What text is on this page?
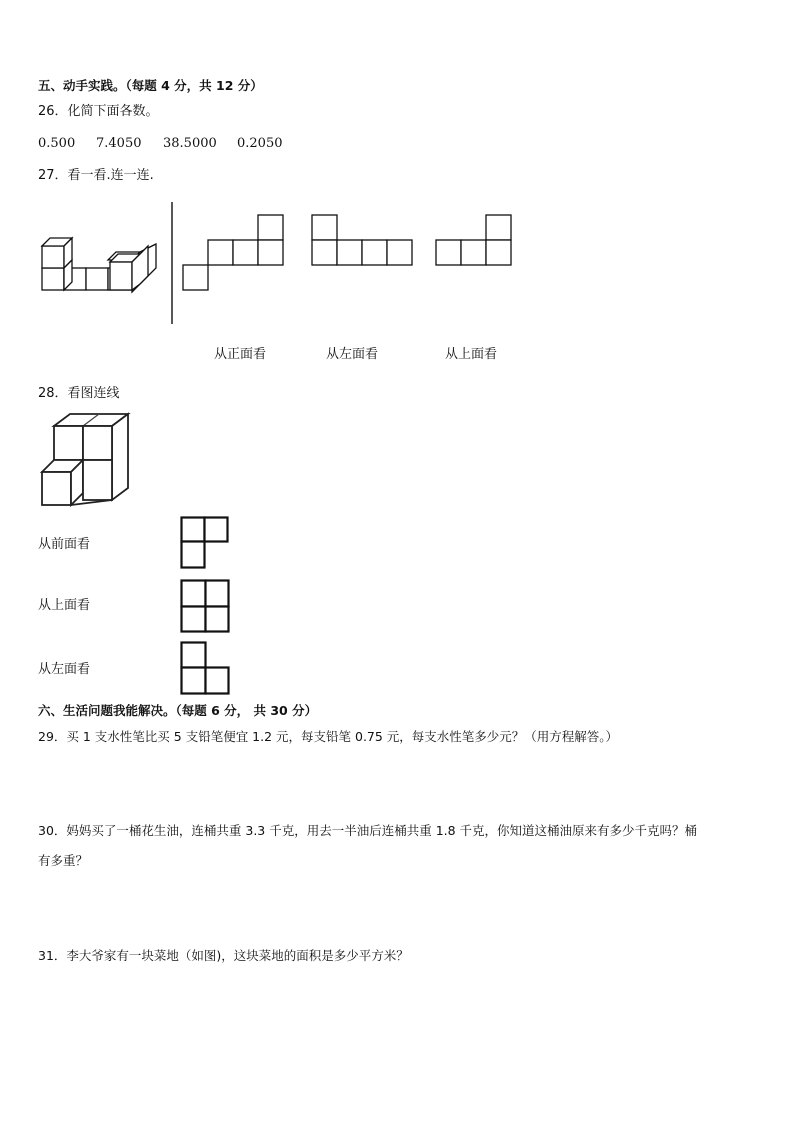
五、动手实践。（每题 4 分，共 12 分）
26．化简下面各数。
0.500 7.4050 38.5000 0.2050
27．看一看.连一连.
从正面看	从左面看	从上面看
28．看图连线
从前面看
从上面看
从左面看
六、生活问题我能解决。（每题 6 分， 共 30 分）
29．买 1 支水性笔比买 5 支铅笔便宜 1.2 元，每支铅笔 0.75 元，每支水性笔多少元？（用方程解答。）
30．妈妈买了一桶花生油，连桶共重 3.3 千克，用去一半油后连桶共重 1.8 千克，你知道这桶油原来有多少千克吗？桶
有多重？
31．李大爷家有一块菜地（如图)，这块菜地的面积是多少平方米？
